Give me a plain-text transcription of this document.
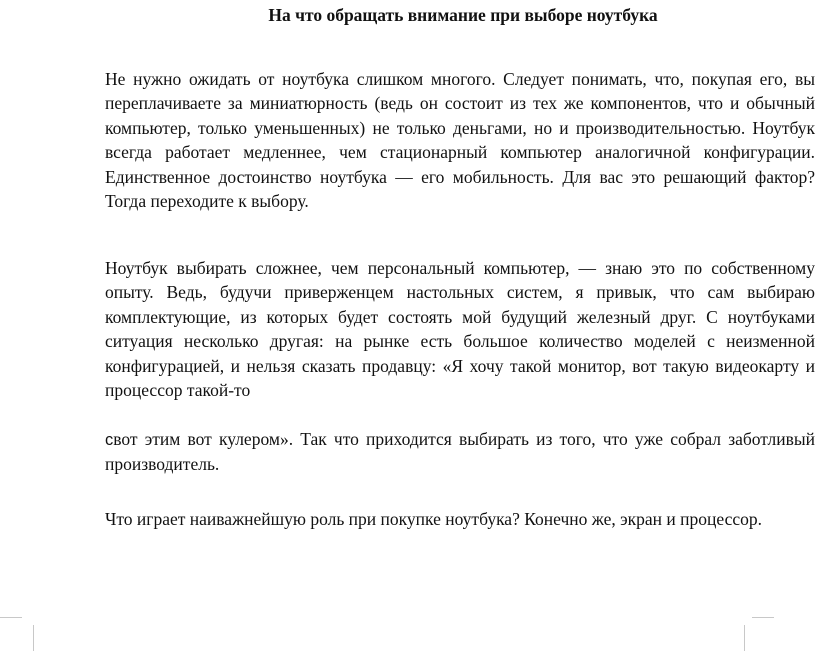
На что обращать внимание при выборе ноутбука

Не нужно ожидать от ноутбука слишком многого. Следует понимать, что, покупая его, вы переплачиваете за миниатюрность (ведь он состоит из тех же компонентов, что и обычный компьютер, только уменьшенных) не только деньгами, но и производительностью. Ноутбук всегда работает медленнее, чем стационарный компьютер аналогичной конфигурации. Единственное достоинство ноутбука — его мобильность. Для вас это решающий фактор? Тогда переходите к выбору.

Ноутбук выбирать сложнее, чем персональный компьютер, — знаю это по собственному опыту. Ведь, будучи приверженцем настольных систем, я привык, что сам выбираю комплектующие, из которых будет состоять мой будущий железный друг. С ноутбуками ситуация несколько другая: на рынке есть большое количество моделей с неизменной конфигурацией, и нельзя сказать продавцу: «Я хочу такой монитор, вот такую видеокарту и процессор такой-то

свот этим вот кулером». Так что приходится выбирать из того, что уже собрал заботливый производитель.

Что играет наиважнейшую роль при покупке ноутбука? Конечно же, экран и процессор.
